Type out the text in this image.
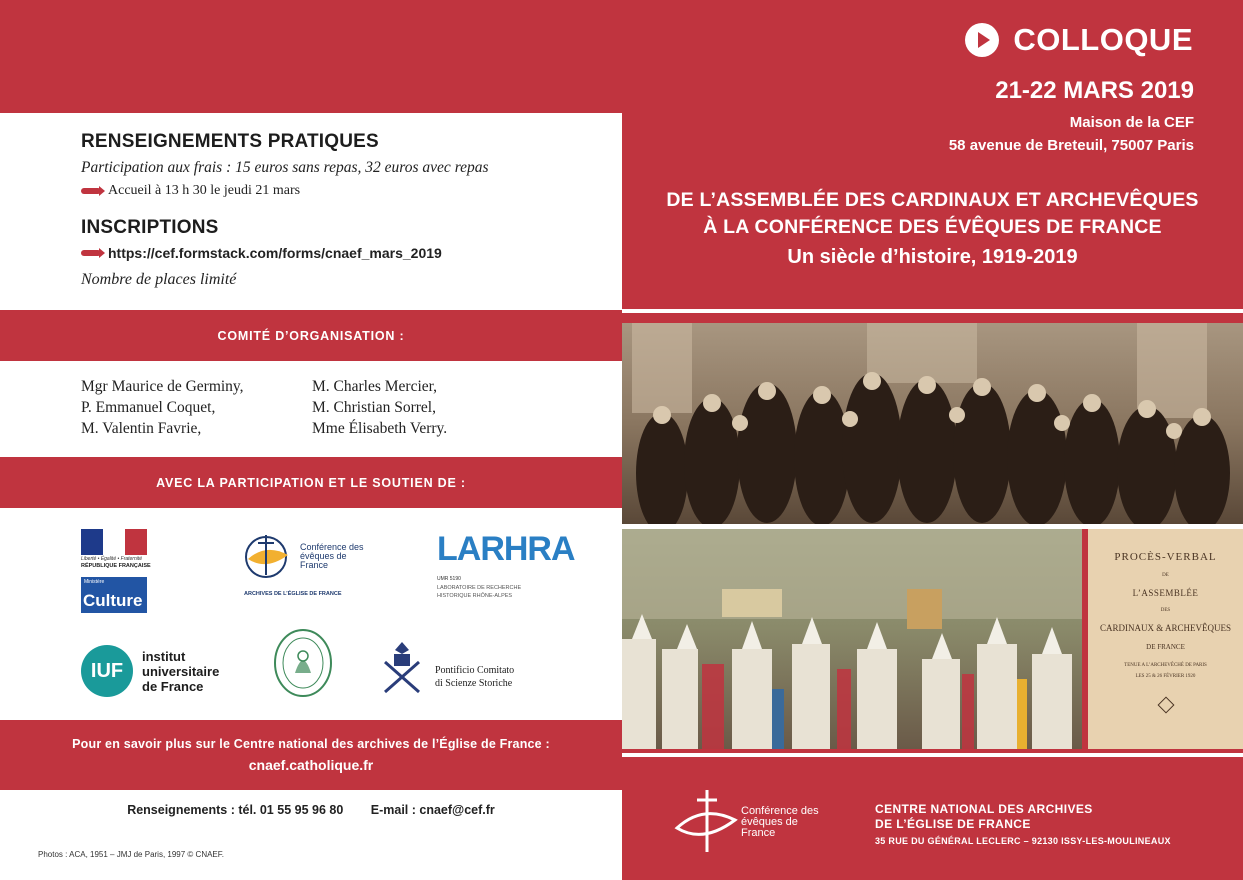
RENSEIGNEMENTS PRATIQUES
Participation aux frais : 15 euros sans repas, 32 euros avec repas
Accueil à 13 h 30 le jeudi 21 mars
INSCRIPTIONS
https://cef.formstack.com/forms/cnaef_mars_2019
Nombre de places limité
COMITÉ D’ORGANISATION :
Mgr Maurice de Germiny,
P. Emmanuel Coquet,
M. Valentin Favrie,
M. Charles Mercier,
M. Christian Sorrel,
Mme Élisabeth Verry.
AVEC LA PARTICIPATION ET LE SOUTIEN DE :
Liberté • Égalité • Fraternité
RÉPUBLIQUE FRANÇAISE
Ministère
Culture
Conférence des évêques de France
ARCHIVES DE L’ÉGLISE DE FRANCE
LARHRA
UMR 5190
LABORATOIRE DE RECHERCHE
HISTORIQUE RHÔNE-ALPES
IUF
institut
universitaire
de France
Pontificio Comitato
di Scienze Storiche
Pour en savoir plus sur le Centre national des archives de l’Église de France :
cnaef.catholique.fr
Renseignements : tél. 01 55 95 96 80 E-mail : cnaef@cef.fr
Photos : ACA, 1951 – JMJ de Paris, 1997 © CNAEF.
COLLOQUE
21-22 MARS 2019
Maison de la CEF
58 avenue de Breteuil, 75007 Paris
DE L’ASSEMBLÉE DES CARDINAUX ET ARCHEVÊQUES
À LA CONFÉRENCE DES ÉVÊQUES DE FRANCE
Un siècle d’histoire, 1919-2019
PROCÈS-VERBAL
DE
L’ASSEMBLÉE
DES
CARDINAUX & ARCHEVÊQUES
DE FRANCE
TENUE A L’ARCHEVÊCHÉ DE PARIS
LES 25 & 26 FÉVRIER 1920
Conférence des évêques de France
CENTRE NATIONAL DES ARCHIVES
DE L’ÉGLISE DE FRANCE
35 RUE DU GÉNÉRAL LECLERC – 92130 ISSY-LES-MOULINEAUX
